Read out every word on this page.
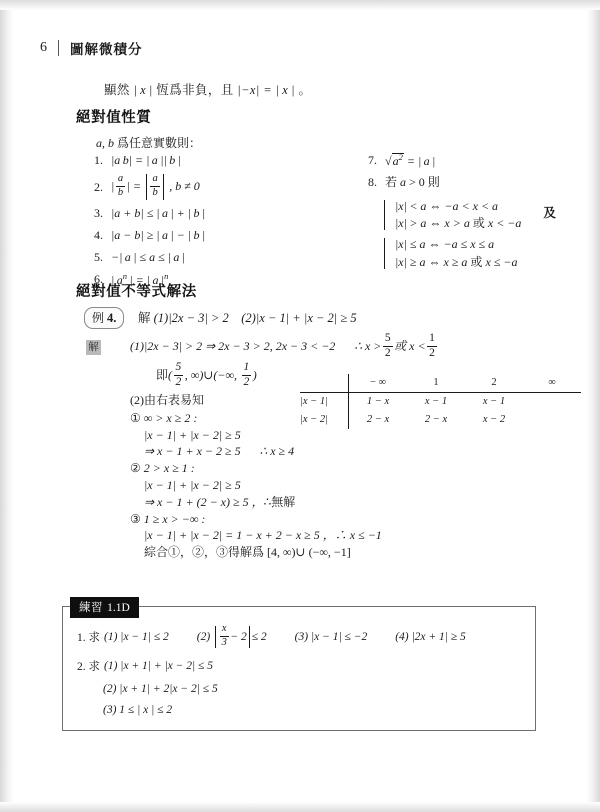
6 圖解微積分
顯然 | x | 恆爲非負，且 |−x| = | x | 。
絕對值性質
a, b 爲任意實數則：
1. |a b| = | a || b |
2. | $\frac{a}{b}$ | = $\frac{a}{b}$ , b ≠ 0
3. |a + b| ≤ | a | + | b |
4. |a − b| ≥ | a | − | b |
5. −| a | ≤ a ≤ | a |
6. | $a^n$ | = | a $|^n$
7. $√a^2$ = | a |
8. 若 a > 0 則
|x| < a ⇔ −a < x < a
|x| > a ⇔ x > a 或 x < −a
及
|x| ≤ a ⇔ −a ≤ x ≤ a
|x| ≥ a ⇔ x ≥ a 或 x ≤ −a
絕對值不等式解法
例 4.	解 (1)|2x − 3| > 2 (2)|x − 1| + |x − 2| ≥ 5
解	(1)|2x − 3| > 2 ⇒ 2x − 3 > 2, 2x − 3 < −2 ∴ $x > \frac{5}{2}$ 或 $x < \frac{1}{2}$
即( $\frac{5}{2}$ , ∞)∪(−∞, $\frac{1}{2}$ )
(2)由右表易知
① ∞ > x ≥ 2 :
|x − 1| + |x − 2| ≥ 5
⇒ x − 1 + x − 2 ≥ 5 ∴ x ≥ 4
② 2 > x ≥ 1 :
|x − 1| + |x − 2| ≥ 5
⇒ x − 1 + (2 − x) ≥ 5 ，∴無解
③ 1 ≥ x > −∞ :
|x − 1| + |x − 2| = 1 − x + 2 − x ≥ 5 ，∴ x ≤ −1
綜合①，②，③得解爲 [4, ∞)∪ (−∞, −1]
	− ∞	1	2	∞
|x − 1|	1 − x	x − 1	x − 1	
|x − 2|	2 − x	2 − x	x − 2	
1. 求 (1) |x − 1| ≤ 2 $(2) \frac{x}{3} - 2$
≤ 2 (3) |x − 1| ≤ −2 (4) |2x + 1| ≥ 5
2. 求 (1) |x + 1| + |x − 2| ≤ 5
(2) |x + 1| + 2|x − 2| ≤ 5
(3) 1 ≤ | x | ≤ 2
練習 1.1D
